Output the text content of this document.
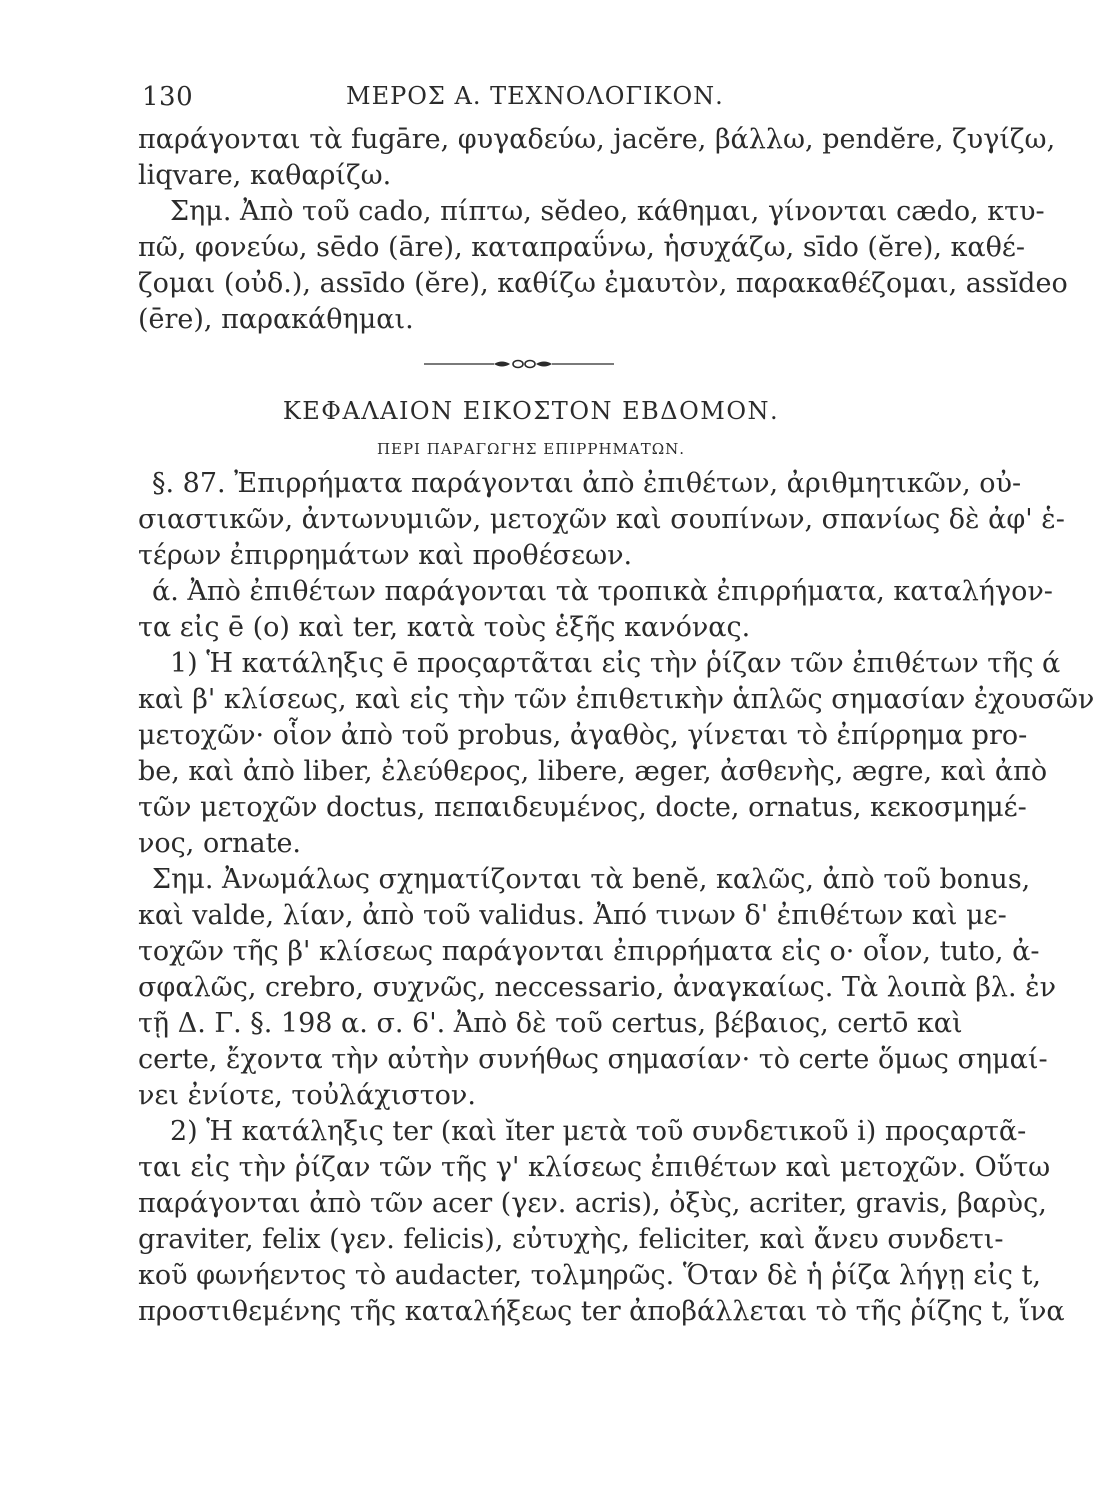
130	ΜΕΡΟΣ Α. ΤΕΧΝΟΛΟΓΙΚΟΝ.
παράγονται τὰ fugāre, φυγαδεύω, jacĕre, βάλλω, pendĕre, ζυγίζω,
liqvare, καθαρίζω.
Σημ. Ἀπὸ τοῦ cado, πίπτω, sĕdeo, κάθημαι, γίνονται cædo, κτυ-
πῶ, φονεύω, sēdo (āre), καταπραΰνω, ἡσυχάζω, sīdo (ĕre), καθέ-
ζομαι (οὐδ.), assīdo (ĕre), καθίζω ἐμαυτὸν, παρακαθέζομαι, assĭdeo
(ēre), παρακάθημαι.
ΚΕΦΑΛΑΙΟΝ ΕΙΚΟΣΤΟΝ ΕΒΔΟΜΟΝ.
ΠΕΡΙ ΠΑΡΑΓΩΓΗΣ ΕΠΙΡΡΗΜΑΤΩΝ.
§. 87. Ἐπιρρήματα παράγονται ἀπὸ ἐπιθέτων, ἀριθμητικῶν, οὐ-
σιαστικῶν, ἀντωνυμιῶν, μετοχῶν καὶ σουπίνων, σπανίως δὲ ἀφ' ἑ-
τέρων ἐπιρρημάτων καὶ προθέσεων.
ά. Ἀπὸ ἐπιθέτων παράγονται τὰ τροπικὰ ἐπιρρήματα, καταλήγον-
τα εἰς ē (ο) καὶ ter, κατὰ τοὺς ἑξῆς κανόνας.
1) Ἡ κατάληξις ē προςαρτᾶται εἰς τὴν ῥίζαν τῶν ἐπιθέτων τῆς ά
καὶ β' κλίσεως, καὶ εἰς τὴν τῶν ἐπιθετικὴν ἁπλῶς σημασίαν ἐχουσῶν
μετοχῶν· οἷον ἀπὸ τοῦ probus, ἀγαθὸς, γίνεται τὸ ἐπίρρημα pro-
be, καὶ ἀπὸ liber, ἐλεύθερος, libere, æger, ἀσθενὴς, ægre, καὶ ἀπὸ
τῶν μετοχῶν doctus, πεπαιδευμένος, docte, ornatus, κεκοσμημέ-
νος, ornate.
Σημ. Ἀνωμάλως σχηματίζονται τὰ benĕ, καλῶς, ἀπὸ τοῦ bonus,
καὶ valde, λίαν, ἀπὸ τοῦ validus. Ἀπό τινων δ' ἐπιθέτων καὶ με-
τοχῶν τῆς β' κλίσεως παράγονται ἐπιρρήματα εἰς o· οἷον, tuto, ἀ-
σφαλῶς, crebro, συχνῶς, neccessario, ἀναγκαίως. Τὰ λοιπὰ βλ. ἐν
τῇ Δ. Γ. §. 198 α. σ. 6'. Ἀπὸ δὲ τοῦ certus, βέβαιος, certō καὶ
certe, ἔχοντα τὴν αὐτὴν συνήθως σημασίαν· τὸ certe ὅμως σημαί-
νει ἐνίοτε, τοὐλάχιστον.
2) Ἡ κατάληξις ter (καὶ ĭter μετὰ τοῦ συνδετικοῦ i) προςαρτᾶ-
ται εἰς τὴν ῥίζαν τῶν τῆς γ' κλίσεως ἐπιθέτων καὶ μετοχῶν. Οὕτω
παράγονται ἀπὸ τῶν acer (γεν. acris), ὀξὺς, acriter, gravis, βαρὺς,
graviter, felix (γεν. felicis), εὐτυχὴς, feliciter, καὶ ἄνευ συνδετι-
κοῦ φωνήεντος τὸ audacter, τολμηρῶς. Ὅταν δὲ ἡ ῥίζα λήγῃ εἰς t,
προστιθεμένης τῆς καταλήξεως ter ἀποβάλλεται τὸ τῆς ῥίζης t, ἵνα
